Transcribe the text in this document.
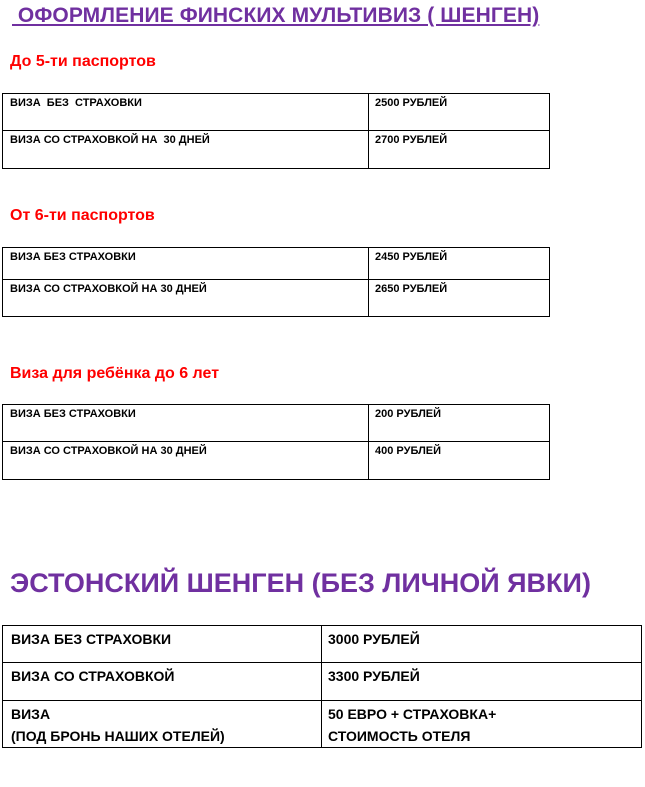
ОФОРМЛЕНИЕ ФИНСКИХ МУЛЬТИВИЗ ( ШЕНГЕН)
До 5-ти паспортов
ВИЗА  БЕЗ  СТРАХОВКИ	2500 РУБЛЕЙ
ВИЗА СО СТРАХОВКОЙ НА  30 ДНЕЙ	2700 РУБЛЕЙ
От 6-ти паспортов
ВИЗА БЕЗ СТРАХОВКИ	2450 РУБЛЕЙ
ВИЗА СО СТРАХОВКОЙ НА 30 ДНЕЙ	2650 РУБЛЕЙ
Виза для ребёнка до 6 лет
ВИЗА БЕЗ СТРАХОВКИ	200 РУБЛЕЙ
ВИЗА СО СТРАХОВКОЙ НА 30 ДНЕЙ	400 РУБЛЕЙ
ЭСТОНСКИЙ ШЕНГЕН (БЕЗ ЛИЧНОЙ ЯВКИ)
ВИЗА БЕЗ СТРАХОВКИ	3000 РУБЛЕЙ

ВИЗА СО СТРАХОВКОЙ	3300 РУБЛЕЙ

ВИЗА
(ПОД БРОНЬ НАШИХ ОТЕЛЕЙ)	50 ЕВРО + СТРАХОВКА+
СТОИМОСТЬ ОТЕЛЯ
